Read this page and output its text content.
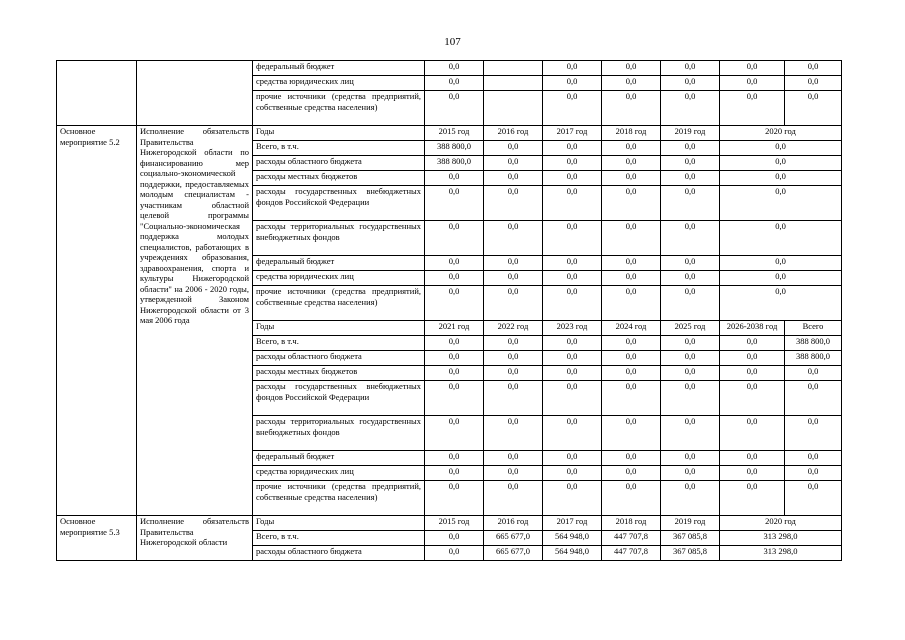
107
		федеральный бюджет	0,0		0,0	0,0	0,0	0,0	0,0
		средства юридических лиц	0,0		0,0	0,0	0,0	0,0	0,0
		прочие источники (средства предприятий, собственные средства населения)	0,0		0,0	0,0	0,0	0,0	0,0
Основное мероприятие 5.2	Исполнение обязательств Правительства Нижегородской области по финансированию мер социально-экономической поддержки, предоставляемых молодым специалистам - участникам областной целевой программы "Социально-экономическая поддержка молодых специалистов, работающих в учреждениях образования, здравоохранения, спорта и культуры Нижегородской области" на 2006 - 2020 годы, утвержденной Законом Нижегородской области от 3 мая 2006 года	Годы	2015 год	2016 год	2017 год	2018 год	2019 год	2020 год	
		Всего, в т.ч.	388 800,0	0,0	0,0	0,0	0,0	0,0	
		расходы областного бюджета	388 800,0	0,0	0,0	0,0	0,0	0,0	
		расходы местных бюджетов	0,0	0,0	0,0	0,0	0,0	0,0	
		расходы государственных внебюджетных фондов Российской Федерации	0,0	0,0	0,0	0,0	0,0	0,0	
		расходы территориальных государственных внебюджетных фондов	0,0	0,0	0,0	0,0	0,0	0,0	
		федеральный бюджет	0,0	0,0	0,0	0,0	0,0	0,0	
		средства юридических лиц	0,0	0,0	0,0	0,0	0,0	0,0	
		прочие источники (средства предприятий, собственные средства населения)	0,0	0,0	0,0	0,0	0,0	0,0	
		Годы	2021 год	2022 год	2023 год	2024 год	2025 год	2026-2038 год	Всего
		Всего, в т.ч.	0,0	0,0	0,0	0,0	0,0	0,0	388 800,0
		расходы областного бюджета	0,0	0,0	0,0	0,0	0,0	0,0	388 800,0
		расходы местных бюджетов	0,0	0,0	0,0	0,0	0,0	0,0	0,0
		расходы государственных внебюджетных фондов Российской Федерации	0,0	0,0	0,0	0,0	0,0	0,0	0,0
		расходы территориальных государственных внебюджетных фондов	0,0	0,0	0,0	0,0	0,0	0,0	0,0
		федеральный бюджет	0,0	0,0	0,0	0,0	0,0	0,0	0,0
		средства юридических лиц	0,0	0,0	0,0	0,0	0,0	0,0	0,0
		прочие источники (средства предприятий, собственные средства населения)	0,0	0,0	0,0	0,0	0,0	0,0	0,0
Основное мероприятие 5.3	Исполнение обязательств Правительства Нижегородской области	Годы	2015 год	2016 год	2017 год	2018 год	2019 год	2020 год	
		Всего, в т.ч.	0,0	665 677,0	564 948,0	447 707,8	367 085,8	313 298,0	
		расходы областного бюджета	0,0	665 677,0	564 948,0	447 707,8	367 085,8	313 298,0	
